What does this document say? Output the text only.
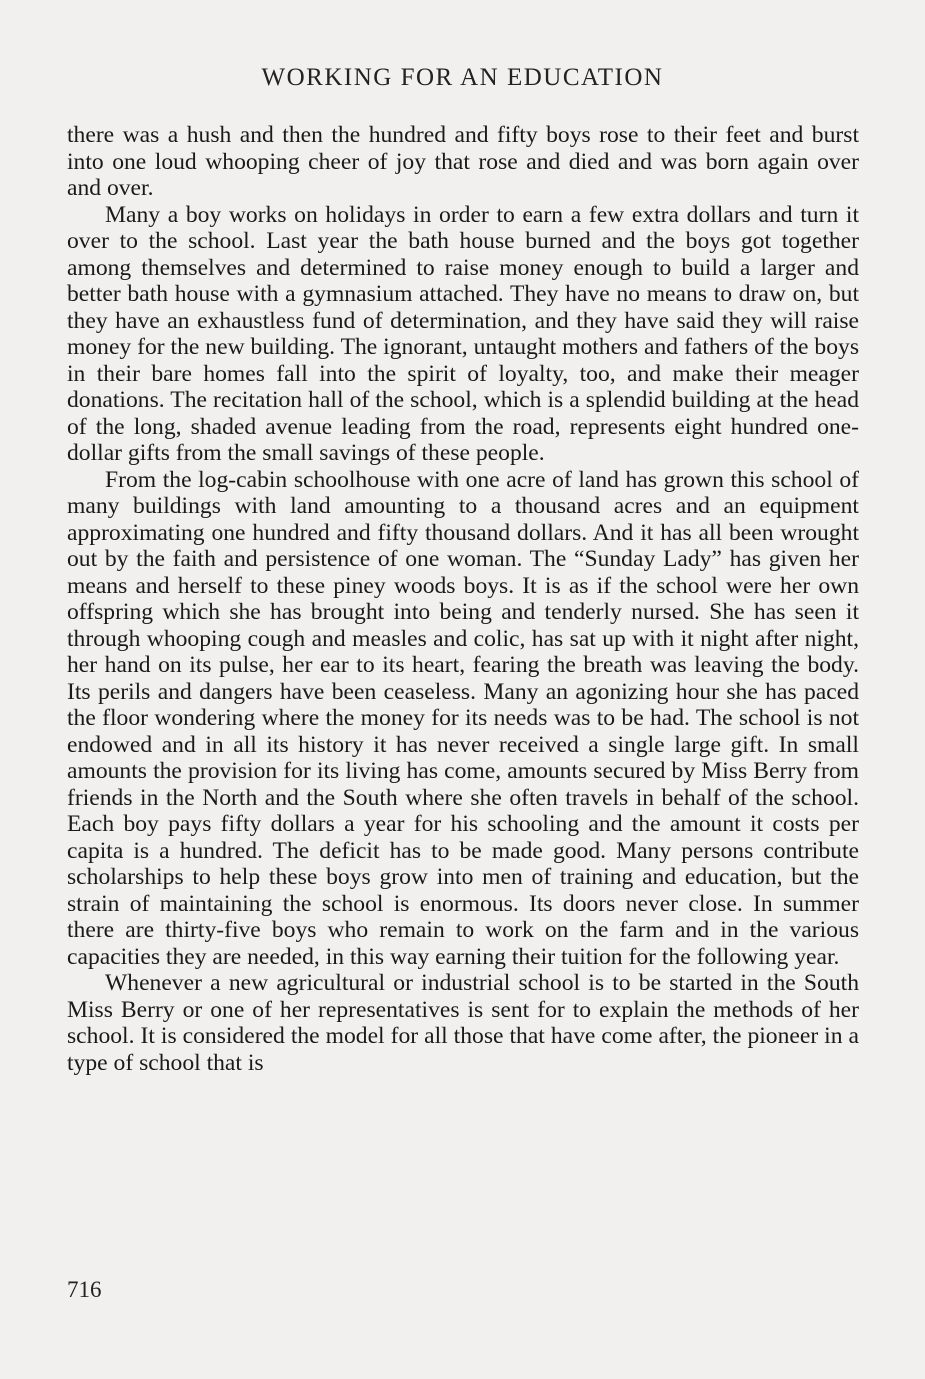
WORKING FOR AN EDUCATION

there was a hush and then the hundred and fifty boys rose to their feet and burst into one loud whooping cheer of joy that rose and died and was born again over and over.

Many a boy works on holidays in order to earn a few extra dollars and turn it over to the school. Last year the bath house burned and the boys got together among themselves and determined to raise money enough to build a larger and better bath house with a gymnasium attached. They have no means to draw on, but they have an exhaustless fund of determination, and they have said they will raise money for the new building. The ignorant, untaught mothers and fathers of the boys in their bare homes fall into the spirit of loyalty, too, and make their meager donations. The recitation hall of the school, which is a splendid building at the head of the long, shaded avenue leading from the road, represents eight hundred one-dollar gifts from the small savings of these people.

From the log-cabin schoolhouse with one acre of land has grown this school of many buildings with land amounting to a thousand acres and an equipment approximating one hundred and fifty thousand dollars. And it has all been wrought out by the faith and persistence of one woman. The “Sunday Lady” has given her means and herself to these piney woods boys. It is as if the school were her own offspring which she has brought into being and tenderly nursed. She has seen it through whooping cough and measles and colic, has sat up with it night after night, her hand on its pulse, her ear to its heart, fearing the breath was leaving the body. Its perils and dangers have been ceaseless. Many an agonizing hour she has paced the floor wondering where the money for its needs was to be had. The school is not endowed and in all its history it has never received a single large gift. In small amounts the provision for its living has come, amounts secured by Miss Berry from friends in the North and the South where she often travels in behalf of the school. Each boy pays fifty dollars a year for his schooling and the amount it costs per capita is a hundred. The deficit has to be made good. Many persons contribute scholarships to help these boys grow into men of training and education, but the strain of maintaining the school is enormous. Its doors never close. In summer there are thirty-five boys who remain to work on the farm and in the various capacities they are needed, in this way earning their tuition for the following year.

Whenever a new agricultural or industrial school is to be started in the South Miss Berry or one of her representatives is sent for to explain the methods of her school. It is considered the model for all those that have come after, the pioneer in a type of school that is

716
